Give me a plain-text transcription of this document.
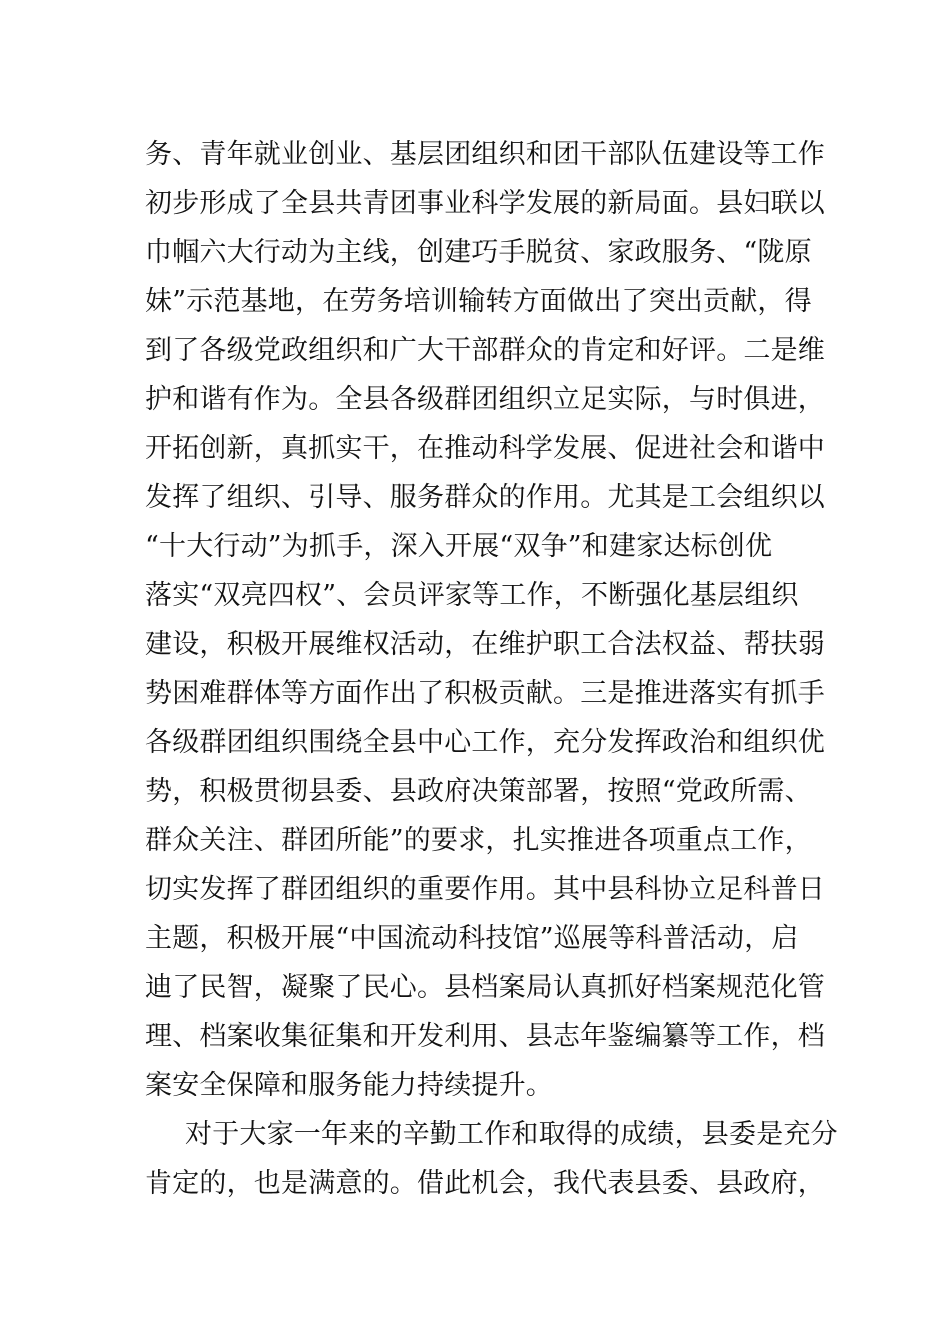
务、青年就业创业、基层团组织和团干部队伍建设等工作
初步形成了全县共青团事业科学发展的新局面。县妇联以
巾帼六大行动为主线，创建巧手脱贫、家政服务、“陇原
妹”示范基地，在劳务培训输转方面做出了突出贡献，得
到了各级党政组织和广大干部群众的肯定和好评。二是维
护和谐有作为。全县各级群团组织立足实际，与时俱进，
开拓创新，真抓实干，在推动科学发展、促进社会和谐中
发挥了组织、引导、服务群众的作用。尤其是工会组织以
“十大行动”为抓手，深入开展“双争”和建家达标创优
落实“双亮四权”、会员评家等工作，不断强化基层组织
建设，积极开展维权活动，在维护职工合法权益、帮扶弱
势困难群体等方面作出了积极贡献。三是推进落实有抓手
各级群团组织围绕全县中心工作，充分发挥政治和组织优
势，积极贯彻县委、县政府决策部署，按照“党政所需、
群众关注、群团所能”的要求，扎实推进各项重点工作，
切实发挥了群团组织的重要作用。其中县科协立足科普日
主题，积极开展“中国流动科技馆”巡展等科普活动，启
迪了民智，凝聚了民心。县档案局认真抓好档案规范化管
理、档案收集征集和开发利用、县志年鉴编纂等工作，档
案安全保障和服务能力持续提升。
对于大家一年来的辛勤工作和取得的成绩，县委是充分
肯定的，也是满意的。借此机会，我代表县委、县政府，
